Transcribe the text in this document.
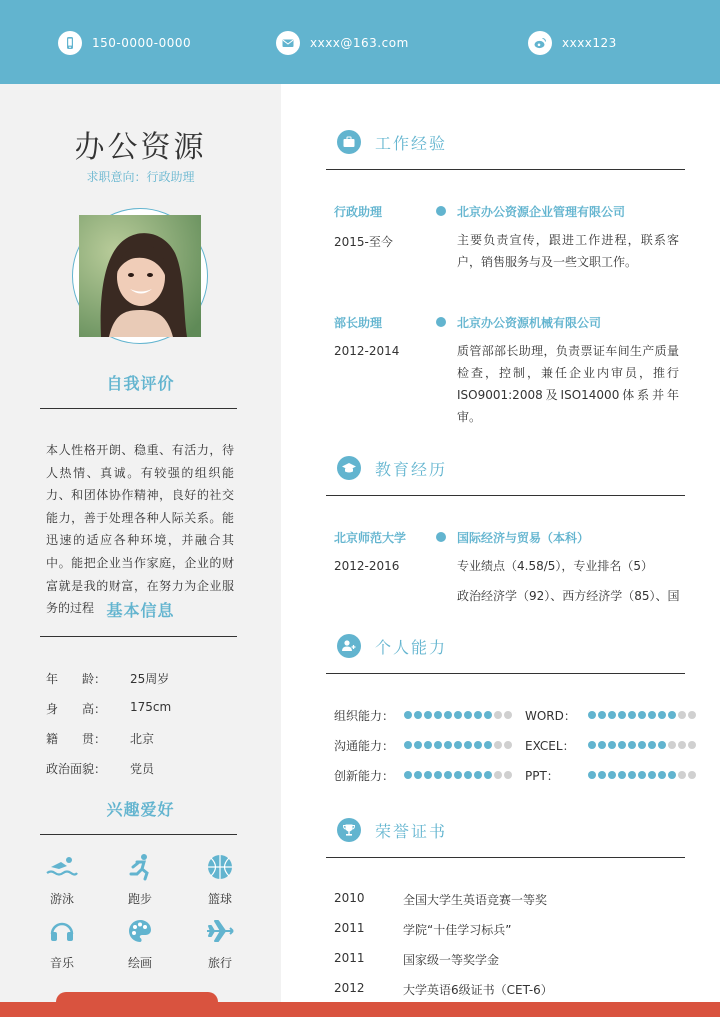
150-0000-0000	xxxx@163.com	xxxx123
办公资源
求职意向：行政助理
自我评价
本人性格开朗、稳重、有活力，待人热情、真诚。有较强的组织能力、和团体协作精神，良好的社交能力，善于处理各种人际关系。能迅速的适应各种环境，并融合其中。能把企业当作家庭，企业的财富就是我的财富，在努力为企业服务的过程 基本信息
年　　龄：	25周岁
身　　高：	175cm
籍　　贯：	北京
政治面貌：	党员
兴趣爱好
游泳	跑步	篮球
音乐	绘画	旅行
工作经验
行政助理	北京办公资源企业管理有限公司
2015-至今	主要负责宣传，跟进工作进程，联系客户，销售服务与及一些文职工作。
部长助理	北京办公资源机械有限公司
2012-2014	质管部部长助理，负责票证车间生产质量检查，控制，兼任企业内审员，推行ISO9001:2008及ISO14000体系并年审。
教育经历
北京师范大学	国际经济与贸易（本科）
2012-2016	专业绩点（4.58/5），专业排名（5）
政治经济学（92）、西方经济学（85）、国
个人能力
组织能力：
沟通能力：
创新能力：
WORD：
EXCEL：
PPT：
荣誉证书
2010	全国大学生英语竞赛一等奖
2011	学院“十佳学习标兵”
2011	国家级一等奖学金
2012	大学英语6级证书（CET-6）
